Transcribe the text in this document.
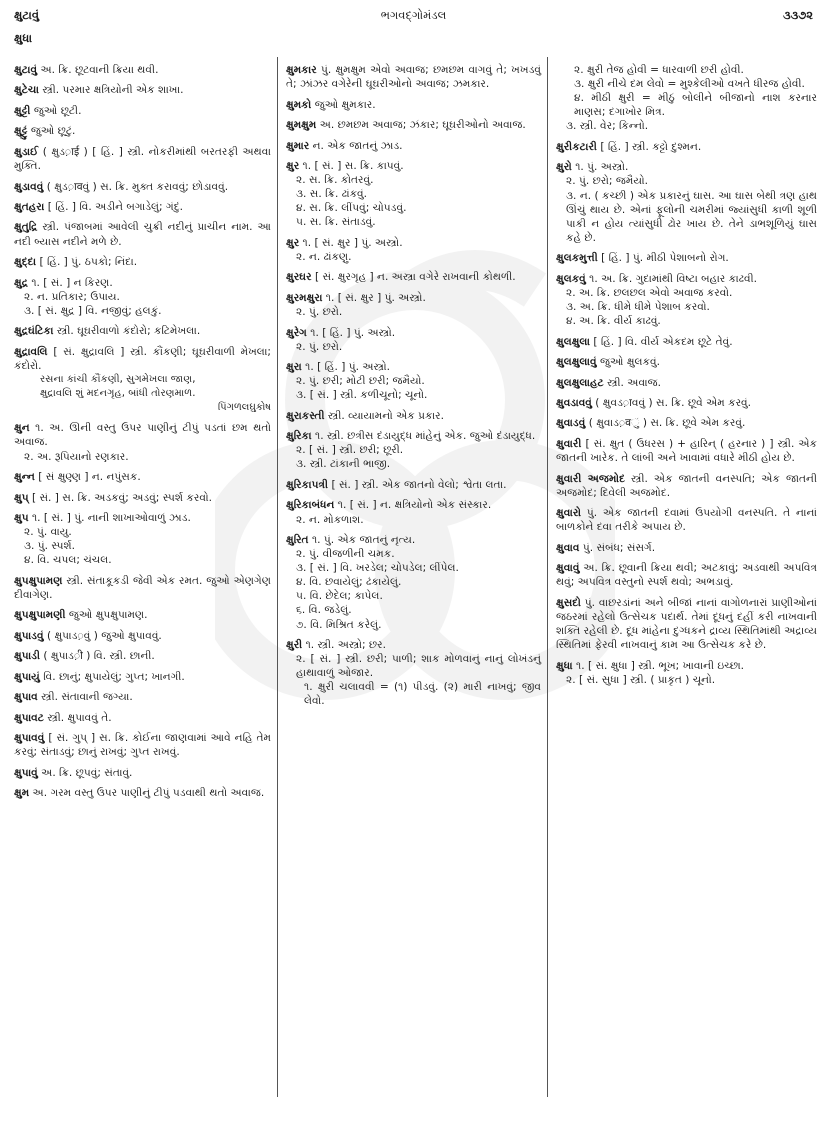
ક્ષુટાવું	ભગવદ્ગોમંડલ	૩૩૭૨
ક્ષુધા
ક્ષુટાવું અ. ક્રિ. છૂટવાની ક્રિયા થવી.
ક્ષુટેચા સ્ત્રી. પરમાર ક્ષત્રિયોની એક શાખા.
ક્ષુટ્ટી જુઓ છૂટી.
ક્ષુટ્ટું જુઓ છૂટું.
ક્ષુડાઈ ( ક્ષુડ़ाई ) [ હિં. ] સ્ત્રી. નોકરીમાંથી બરતરફી અથવા મુક્તિ.
ક્ષુડાવવું ( ક્ષુડ़ावવું ) સ. ક્રિ. મુક્ત કરાવવું; છોડાવવું.
ક્ષુતહરા [ હિં. ] વિ. અડીને બગાડેલું; ગંદું.
ક્ષુતુદ્રિ સ્ત્રી. પંજાબમાં આવેલી ચુક્રી નદીનું પ્રાચીન નામ. આ નદી બ્યાસ નદીને મળે છે.
ક્ષુદ્દા [ હિં. ] પું. ઠપકો; નિંદા.
ક્ષુદ્ર ૧. [ સં. ] ન કિરણ.
૨. ન. પ્રતિકાર; ઉપાય.
૩. [ સં. ક્ષુદ્ર ] વિ. નજીવું; હલકું.
ક્ષુદ્રઘંટિકા સ્ત્રી. ઘૂઘરીવાળો કંદોરો; કટિમેખલા.
ક્ષુદ્રાવલિ [ સં. ક્ષુદ્રાવલિ ] સ્ત્રી. કૌંકણી; ઘૂઘરીવાળી મેખલા; કંદોરો.
રસના કાંચી કૌંકણી, સુગમેખલા જાણ,
ક્ષુદ્રાવલિ શું મદનગૃહ, બાંધી તોરણમાળ.
પિંગળલઘુકોષ
ક્ષુન ૧. અ. ઊની વસ્તુ ઉપર પાણીનું ટીપું પડતાં છમ થતો અવાજ.
૨. અ. રૂપિયાનો રણકાર.
ક્ષુન્ન [ સં ક્ષુણ્ણ ] ન. નપુંસક.
ક્ષુપ્ [ સં. ] સ. ક્રિ. અડકવું; અડવું; સ્પર્શ કરવો.
ક્ષુપ ૧. [ સં. ] પું. નાની શાખાઓવાળું ઝાડ.
૨. પું. વાયુ.
૩. પું. સ્પર્શ.
૪. વિ. ચપલ; ચંચલ.
ક્ષુપક્ષુપામણ સ્ત્રી. સંતાકૂકડી જેવી એક રમત. જુઓ એણગેણ દીવાગેણ.
ક્ષુપક્ષુપામણી જુઓ ક્ષુપક્ષુપામણ.
ક્ષુપાડવું ( ક્ષુપાડ़વું ) જુઓ ક્ષુપાવવું.
ક્ષુપાડી ( ક્ષુપાડ़ी ) વિ. સ્ત્રી. છાની.
ક્ષુપાયું વિ. છાનું; ક્ષુપાયેલું; ગુપ્ત; ખાનગી.
ક્ષુપાવ સ્ત્રી. સંતાવાની જગ્યા.
ક્ષુપાવટ સ્ત્રી. ક્ષુપાવવું તે.
ક્ષુપાવવું [ સં. ગુપ્ ] સ. ક્રિ. કોઈના જાણવામાં આવે નહિ તેમ કરવું; સંતાડવું; છાનું રાખવું; ગુપ્ત રાખવું.
ક્ષુપાવું અ. ક્રિ. છૂપવું; સંતાવું.
ક્ષુમ અ. ગરમ વસ્તુ ઉપર પાણીનું ટીપું પડવાથી થતો અવાજ.
ક્ષુમકાર પું. ક્ષુમક્ષુમ એવો અવાજ; છમછમ વાગવું તે; ખખડવું તે; ઝાંઝર વગેરેની ઘૂઘરીઓનો અવાજ; ઝમકાર.
ક્ષુમકો જુઓ ક્ષુમકાર.
ક્ષુમક્ષુમ અ. છમછમ અવાજ; ઝંકાર; ઘૂઘરીઓનો અવાજ.
ક્ષુમાર ન. એક જાતનું ઝાડ.
ક્ષુર ૧. [ સં. ] સ. ક્રિ. કાપવું.
૨. સ. ક્રિ. કોતરવું.
૩. સ. ક્રિ. ઢાંકવું.
૪. સ. ક્રિ. લીંપવું; ચોપડવું.
૫. સ. ક્રિ. સંતાડવું.
ક્ષુર ૧. [ સં. ક્ષુર ] પું. અસ્ત્રો.
૨. ન. ઢાંકણુ.
ક્ષુરઘર [ સં. ક્ષુરગૃહ ] ન. અસ્ત્રા વગેરે રાખવાની કોથળી.
ક્ષુરમક્ષુરા ૧. [ સં. ક્ષુર ] પું. અસ્ત્રો.
૨. પું. છરો.
ક્ષુરેગ ૧. [ હિં. ] પું. અસ્ત્રો.
૨. પું. છરો.
ક્ષુરા ૧. [ હિં. ] પું. અસ્ત્રો.
૨. પું. છરી; મોટી છરી; જમૈયો.
૩. [ સં. ] સ્ત્રી. કળીચૂનો; ચૂનો.
ક્ષુરાકસ્તી સ્ત્રી. વ્યાયામનો એક પ્રકાર.
ક્ષુરિકા ૧. સ્ત્રી. છત્રીસ દંડાયુદ્ધ માંહેનું એક. જુઓ દંડાયુદ્ધ.
૨. [ સં. ] સ્ત્રી. છરી; છૂરી.
૩. સ્ત્રી. ટાંકાની ભાજી.
ક્ષુરિકાપત્રી [ સં. ] સ્ત્રી. એક જાતનો વેલો; શ્વેતા લતા.
ક્ષુરિકાબંધન ૧. [ સં. ] ન. ક્ષત્રિયોનો એક સંસ્કાર.
૨. ન. મોકળાશ.
ક્ષુરિત ૧. પું. એક જાતનું નૃત્ય.
૨. પું. વીજળીની ચમક.
૩. [ સં. ] વિ. ખરડેલ; ચોપડેલ; લીંપેલ.
૪. વિ. છવાયેલું; ઢંકાયેલું.
૫. વિ. છેદેલ; કાપેલ.
૬. વિ. જડેલું.
૭. વિ. મિશ્રિત કરેલું.
ક્ષુરી ૧. સ્ત્રી. અસ્ત્રો; છર.
૨. [ સં. ] સ્ત્રી. છરી; પાળી; શાક મોળવાનું નાનું લોખંડનું હાથાવાળું ઓજાર.
૧. ક્ષુરી ચલાવવી = (૧) પીડવું. (૨) મારી નાખવું; જીવ લેવો.
૨. ક્ષુરી તેજ હોવી = ધારવાળી છરી હોવી.
૩. ક્ષુરી નીચે દમ લેવો = મુશ્કેલીઓ વખતે ધીરજ હોવી.
૪. મીઠી ક્ષુરી = મીઠું બોલીને બીજાનો નાશ કરનાર માણસ; દગાખોર મિત્ર.
૩. સ્ત્રી. વેર; કિન્નો.
ક્ષુરીકટારી [ હિં. ] સ્ત્રી. કટ્ટો દુશ્મન.
ક્ષુરો ૧. પું. અસ્ત્રો.
૨. પું. છરો; જમૈયો.
૩. ન. ( કચ્છી ) એક પ્રકારનું ઘાસ. આ ઘાસ બેથી ત્રણ હાથ ઊંચું થાય છે. એનાં ફૂલોની ચમરીમાં જ્યાંસુધી કાળી શૂળી પાકી ન હોય ત્યાંસુધી ઢોર ખાય છે. તેને ડાભશૂળિયું ઘાસ કહે છે.
ક્ષુલકમુત્તી [ હિં. ] પું. મીઠી પેશાબનો રોગ.
ક્ષુલકવું ૧. અ. ક્રિ. ગુદામાંથી વિષ્ટા બહાર કાઢવી.
૨. અ. ક્રિ. છલછલ એવો અવાજ કરવો.
૩. અ. ક્રિ. ધીમે ધીમે પેશાબ કરવો.
૪. અ. ક્રિ. વીર્ય કાઢવું.
ક્ષુલક્ષુલા [ હિં. ] વિ. વીર્ય એકદમ છૂટે તેવું.
ક્ષુલક્ષુલાવું જુઓ ક્ષુલકવું.
ક્ષુલક્ષુલાહટ સ્ત્રી. અવાજ.
ક્ષુવડાવવું ( ક્ષુવડ़ाવવું ) સ. ક્રિ. છૂવે એમ કરવું.
ક્ષુવાડવું ( ક્ષુવાડ़वું ) સ. ક્રિ. છૂવે એમ કરવું.
ક્ષુવારી [ સં. ક્ષુત ( ઉધરસ ) + હારિન્ ( હરનાર ) ] સ્ત્રી. એક જાતની ખારેક. તે લાંબી અને ખાવામાં વધારે મીઠી હોય છે.
ક્ષુવારી અજમોદ સ્ત્રી. એક જાતની વનસ્પતિ; એક જાતની અજમોદ; દિવેલી અજમોદ.
ક્ષુવારો પું. એક જાતની દવામાં ઉપયોગી વનસ્પતિ. તે નાનાં બાળકોને દવા તરીકે અપાય છે.
ક્ષુવાવ પું. સંબંધ; સંસર્ગ.
ક્ષુવાવું અ. ક્રિ. છૂવાની ક્રિયા થવી; અટકાવું; અડવાથી અપવિત્ર થવું; અપવિત્ર વસ્તુનો સ્પર્શ થવો; અભડાવું.
ક્ષુસદો પું. વાછરડાંનાં અને બીજાં નાનાં વાગોળનારાં પ્રાણીઓનાં જઠરમાં રહેલો ઉત્સેચક પદાર્થ. તેમાં દૂધનું દહીં કરી નાખવાની શક્તિ રહેલી છે. દૂધ માંહેના દુગ્ધકને દ્રાવ્ય સ્થિતિમાંથી અદ્રાવ્ય સ્થિતિમાં ફેરવી નાખવાનું કામ આ ઉત્સેચક કરે છે.
ક્ષુધા ૧. [ સં. ક્ષુધા ] સ્ત્રી. ભૂખ; ખાવાની ઇચ્છા.
૨. [ સં. સુધા ] સ્ત્રી. ( પ્રાકૃત ) ચૂનો.
